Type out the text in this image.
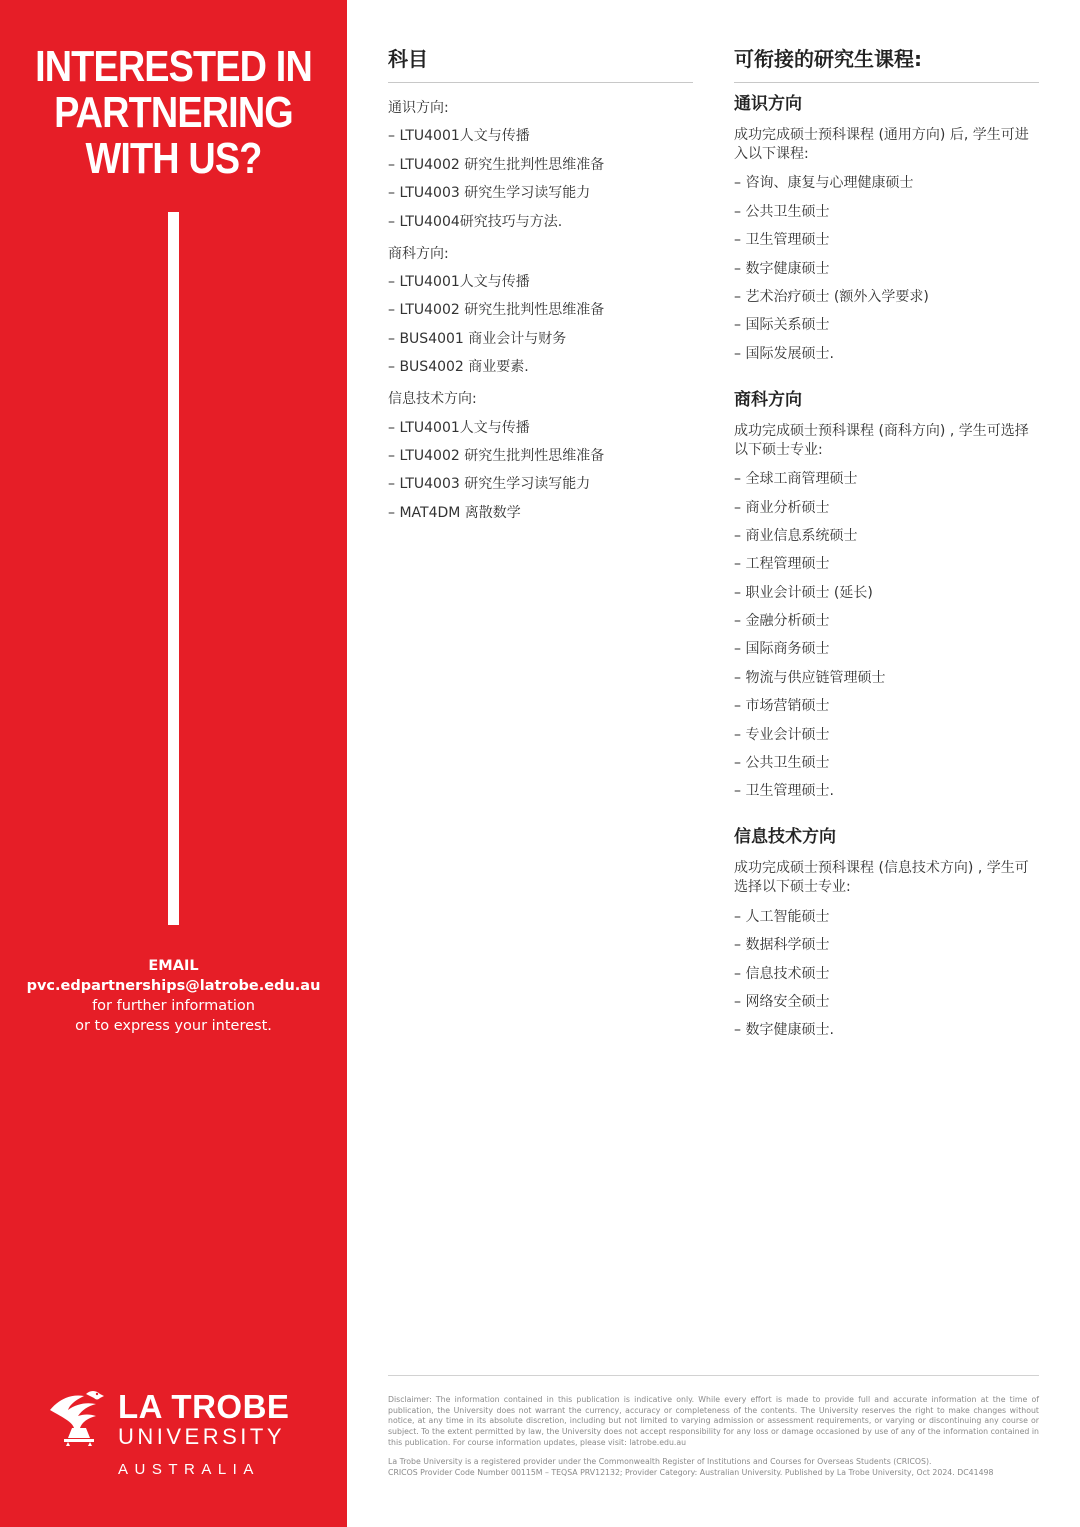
INTERESTED IN
PARTNERING
WITH US?
EMAIL
pvc.edpartnerships@latrobe.edu.au
for further information
or to express your interest.
LA TROBE
UNIVERSITY
AUSTRALIA
科目
通识方向:
– LTU4001人文与传播
– LTU4002 研究生批判性思维准备
– LTU4003 研究生学习读写能力
– LTU4004研究技巧与方法.
商科方向:
– LTU4001人文与传播
– LTU4002 研究生批判性思维准备
– BUS4001 商业会计与财务
– BUS4002 商业要素.
信息技术方向:
– LTU4001人文与传播
– LTU4002 研究生批判性思维准备
– LTU4003 研究生学习读写能力
– MAT4DM 离散数学
可衔接的研究生课程:
通识方向
成功完成硕士预科课程 (通用方向) 后, 学生可进入以下课程:
– 咨询、康复与心理健康硕士
– 公共卫生硕士
– 卫生管理硕士
– 数字健康硕士
– 艺术治疗硕士 (额外入学要求)
– 国际关系硕士
– 国际发展硕士.
商科方向
成功完成硕士预科课程 (商科方向) , 学生可选择以下硕士专业:
– 全球工商管理硕士
– 商业分析硕士
– 商业信息系统硕士
– 工程管理硕士
– 职业会计硕士 (延长)
– 金融分析硕士
– 国际商务硕士
– 物流与供应链管理硕士
– 市场营销硕士
– 专业会计硕士
– 公共卫生硕士
– 卫生管理硕士.
信息技术方向
成功完成硕士预科课程 (信息技术方向) , 学生可选择以下硕士专业:
– 人工智能硕士
– 数据科学硕士
– 信息技术硕士
– 网络安全硕士
– 数字健康硕士.

Disclaimer: The information contained in this publication is indicative only. While every effort is made to provide full and accurate information at the time of publication, the University does not warrant the currency, accuracy or completeness of the contents. The University reserves the right to make changes without notice, at any time in its absolute discretion, including but not limited to varying admission or assessment requirements, or varying or discontinuing any course or subject. To the extent permitted by law, the University does not accept responsibility for any loss or damage occasioned by use of any of the information contained in this publication. For course information updates, please visit: latrobe.edu.au

La Trobe University is a registered provider under the Commonwealth Register of Institutions and Courses for Overseas Students (CRICOS).
CRICOS Provider Code Number 00115M – TEQSA PRV12132; Provider Category: Australian University. Published by La Trobe University, Oct 2024. DC41498
